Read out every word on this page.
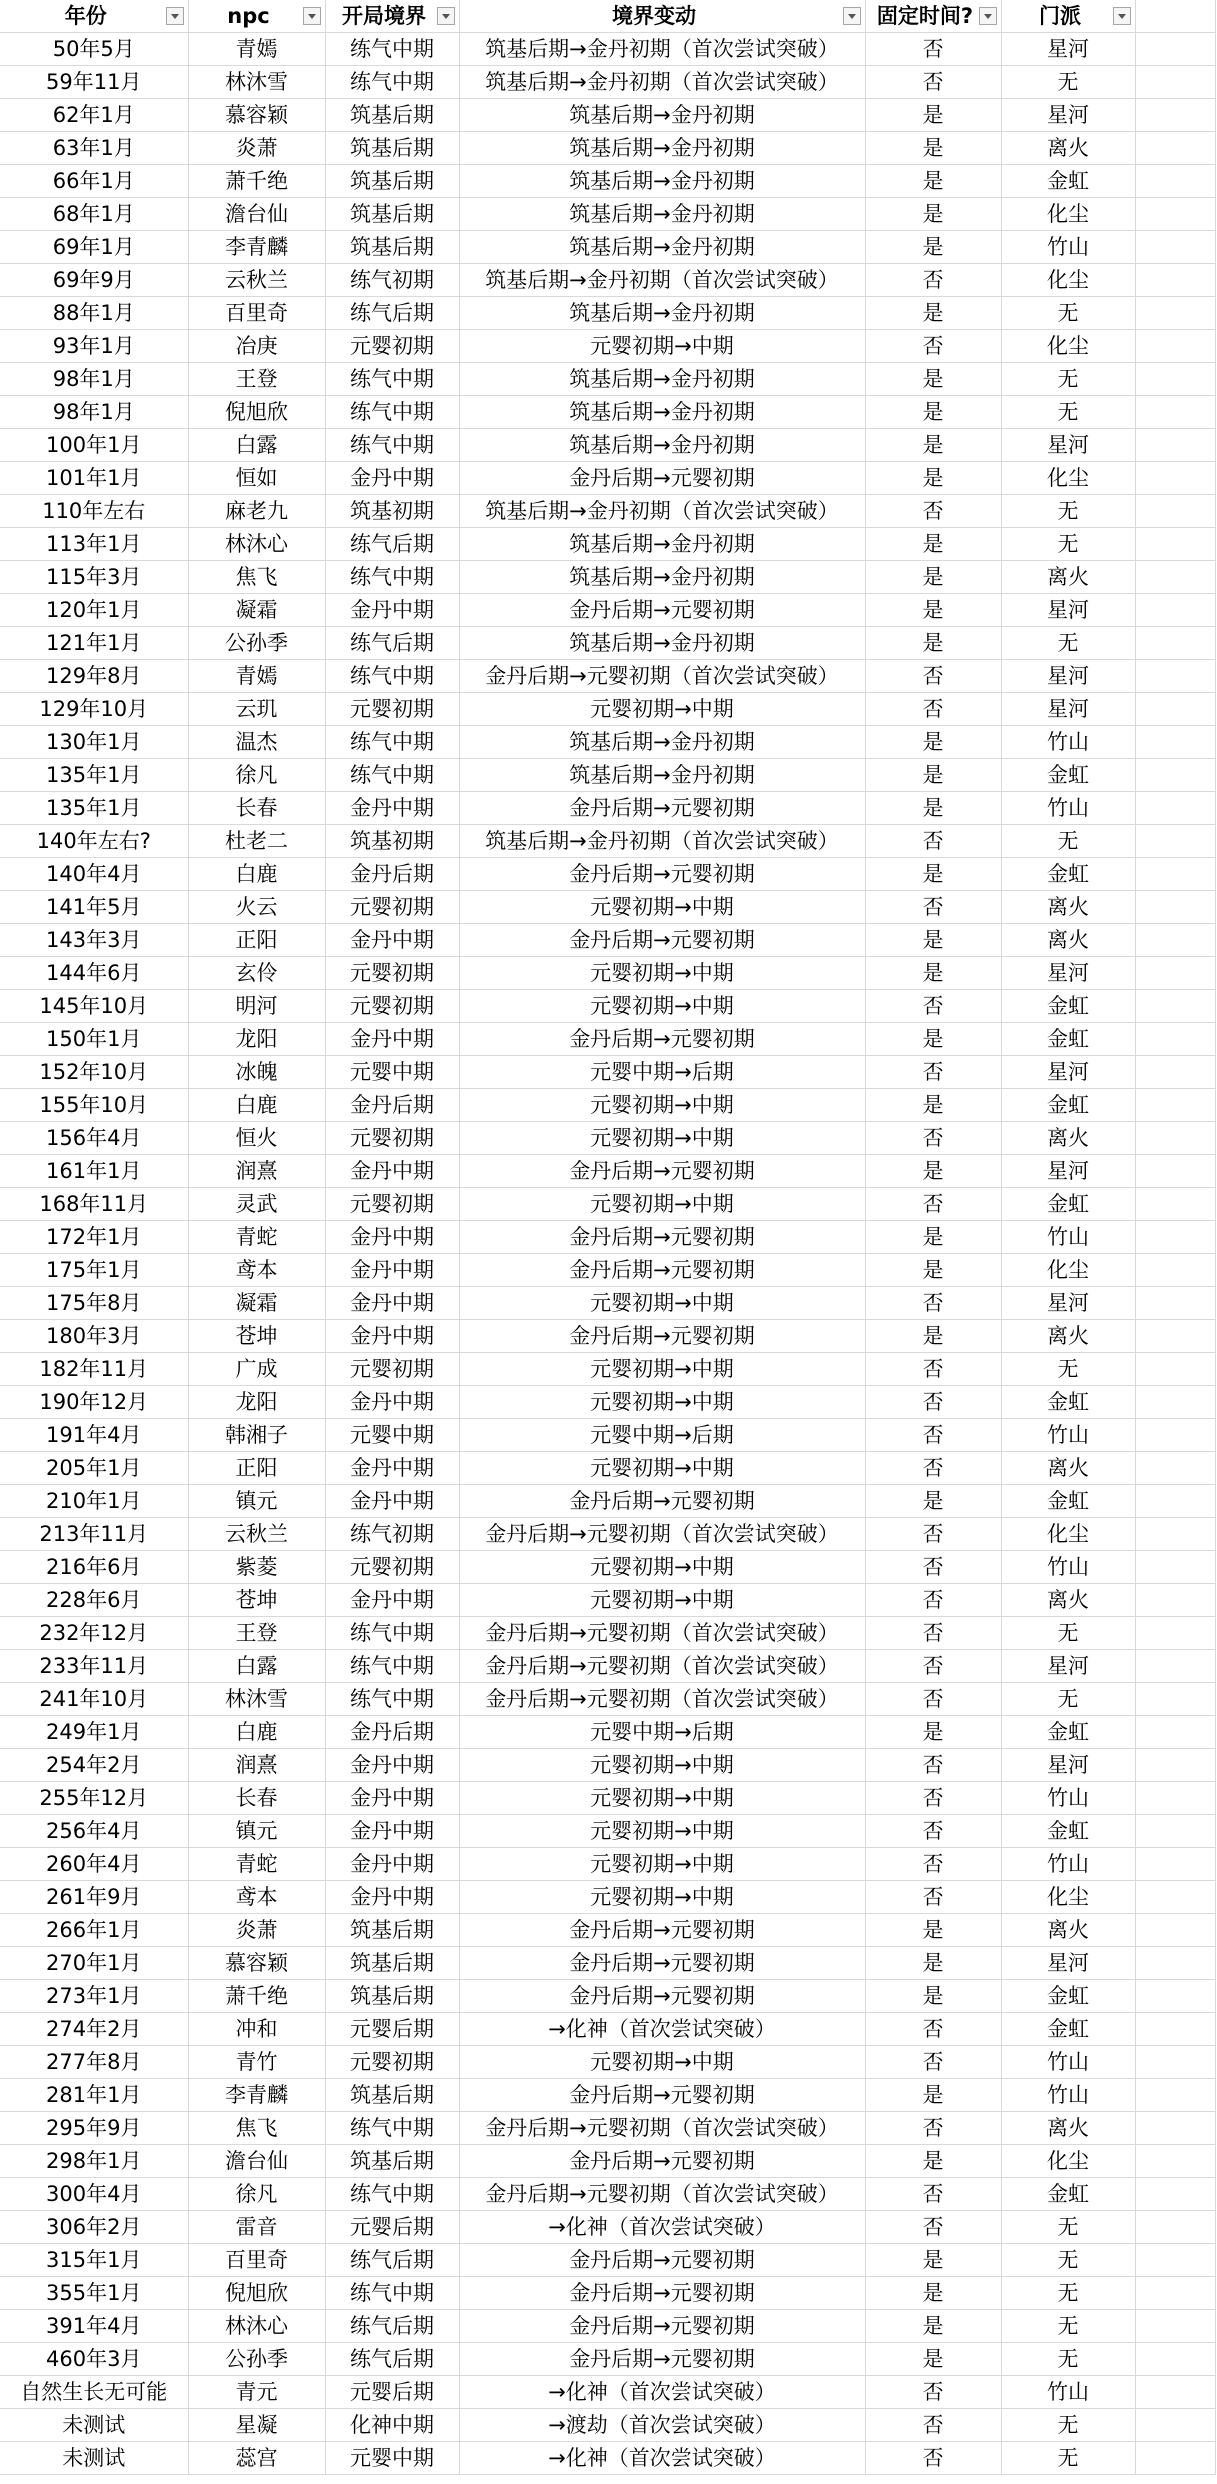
年份	npc	开局境界	境界变动	固定时间?	门派

50年5月	青嫣	练气中期	筑基后期→金丹初期（首次尝试突破）	否	星河	
59年11月	林沐雪	练气中期	筑基后期→金丹初期（首次尝试突破）	否	无	
62年1月	慕容颖	筑基后期	筑基后期→金丹初期	是	星河	
63年1月	炎萧	筑基后期	筑基后期→金丹初期	是	离火	
66年1月	萧千绝	筑基后期	筑基后期→金丹初期	是	金虹	
68年1月	澹台仙	筑基后期	筑基后期→金丹初期	是	化尘	
69年1月	李青麟	筑基后期	筑基后期→金丹初期	是	竹山	
69年9月	云秋兰	练气初期	筑基后期→金丹初期（首次尝试突破）	否	化尘	
88年1月	百里奇	练气后期	筑基后期→金丹初期	是	无	
93年1月	冶庚	元婴初期	元婴初期→中期	否	化尘	
98年1月	王登	练气中期	筑基后期→金丹初期	是	无	
98年1月	倪旭欣	练气中期	筑基后期→金丹初期	是	无	
100年1月	白露	练气中期	筑基后期→金丹初期	是	星河	
101年1月	恒如	金丹中期	金丹后期→元婴初期	是	化尘	
110年左右	麻老九	筑基初期	筑基后期→金丹初期（首次尝试突破）	否	无	
113年1月	林沐心	练气后期	筑基后期→金丹初期	是	无	
115年3月	焦飞	练气中期	筑基后期→金丹初期	是	离火	
120年1月	凝霜	金丹中期	金丹后期→元婴初期	是	星河	
121年1月	公孙季	练气后期	筑基后期→金丹初期	是	无	
129年8月	青嫣	练气中期	金丹后期→元婴初期（首次尝试突破）	否	星河	
129年10月	云玑	元婴初期	元婴初期→中期	否	星河	
130年1月	温杰	练气中期	筑基后期→金丹初期	是	竹山	
135年1月	徐凡	练气中期	筑基后期→金丹初期	是	金虹	
135年1月	长春	金丹中期	金丹后期→元婴初期	是	竹山	
140年左右?	杜老二	筑基初期	筑基后期→金丹初期（首次尝试突破）	否	无	
140年4月	白鹿	金丹后期	金丹后期→元婴初期	是	金虹	
141年5月	火云	元婴初期	元婴初期→中期	否	离火	
143年3月	正阳	金丹中期	金丹后期→元婴初期	是	离火	
144年6月	玄伶	元婴初期	元婴初期→中期	是	星河	
145年10月	明河	元婴初期	元婴初期→中期	否	金虹	
150年1月	龙阳	金丹中期	金丹后期→元婴初期	是	金虹	
152年10月	冰魄	元婴中期	元婴中期→后期	否	星河	
155年10月	白鹿	金丹后期	元婴初期→中期	是	金虹	
156年4月	恒火	元婴初期	元婴初期→中期	否	离火	
161年1月	润熹	金丹中期	金丹后期→元婴初期	是	星河	
168年11月	灵武	元婴初期	元婴初期→中期	否	金虹	
172年1月	青蛇	金丹中期	金丹后期→元婴初期	是	竹山	
175年1月	鸢本	金丹中期	金丹后期→元婴初期	是	化尘	
175年8月	凝霜	金丹中期	元婴初期→中期	否	星河	
180年3月	苍坤	金丹中期	金丹后期→元婴初期	是	离火	
182年11月	广成	元婴初期	元婴初期→中期	否	无	
190年12月	龙阳	金丹中期	元婴初期→中期	否	金虹	
191年4月	韩湘子	元婴中期	元婴中期→后期	否	竹山	
205年1月	正阳	金丹中期	元婴初期→中期	否	离火	
210年1月	镇元	金丹中期	金丹后期→元婴初期	是	金虹	
213年11月	云秋兰	练气初期	金丹后期→元婴初期（首次尝试突破）	否	化尘	
216年6月	紫菱	元婴初期	元婴初期→中期	否	竹山	
228年6月	苍坤	金丹中期	元婴初期→中期	否	离火	
232年12月	王登	练气中期	金丹后期→元婴初期（首次尝试突破）	否	无	
233年11月	白露	练气中期	金丹后期→元婴初期（首次尝试突破）	否	星河	
241年10月	林沐雪	练气中期	金丹后期→元婴初期（首次尝试突破）	否	无	
249年1月	白鹿	金丹后期	元婴中期→后期	是	金虹	
254年2月	润熹	金丹中期	元婴初期→中期	否	星河	
255年12月	长春	金丹中期	元婴初期→中期	否	竹山	
256年4月	镇元	金丹中期	元婴初期→中期	否	金虹	
260年4月	青蛇	金丹中期	元婴初期→中期	否	竹山	
261年9月	鸢本	金丹中期	元婴初期→中期	否	化尘	
266年1月	炎萧	筑基后期	金丹后期→元婴初期	是	离火	
270年1月	慕容颖	筑基后期	金丹后期→元婴初期	是	星河	
273年1月	萧千绝	筑基后期	金丹后期→元婴初期	是	金虹	
274年2月	冲和	元婴后期	→化神（首次尝试突破）	否	金虹	
277年8月	青竹	元婴初期	元婴初期→中期	否	竹山	
281年1月	李青麟	筑基后期	金丹后期→元婴初期	是	竹山	
295年9月	焦飞	练气中期	金丹后期→元婴初期（首次尝试突破）	否	离火	
298年1月	澹台仙	筑基后期	金丹后期→元婴初期	是	化尘	
300年4月	徐凡	练气中期	金丹后期→元婴初期（首次尝试突破）	否	金虹	
306年2月	雷音	元婴后期	→化神（首次尝试突破）	否	无	
315年1月	百里奇	练气后期	金丹后期→元婴初期	是	无	
355年1月	倪旭欣	练气中期	金丹后期→元婴初期	是	无	
391年4月	林沐心	练气后期	金丹后期→元婴初期	是	无	
460年3月	公孙季	练气后期	金丹后期→元婴初期	是	无	
自然生长无可能	青元	元婴后期	→化神（首次尝试突破）	否	竹山	
未测试	星凝	化神中期	→渡劫（首次尝试突破）	否	无	
未测试	蕊宫	元婴中期	→化神（首次尝试突破）	否	无	
